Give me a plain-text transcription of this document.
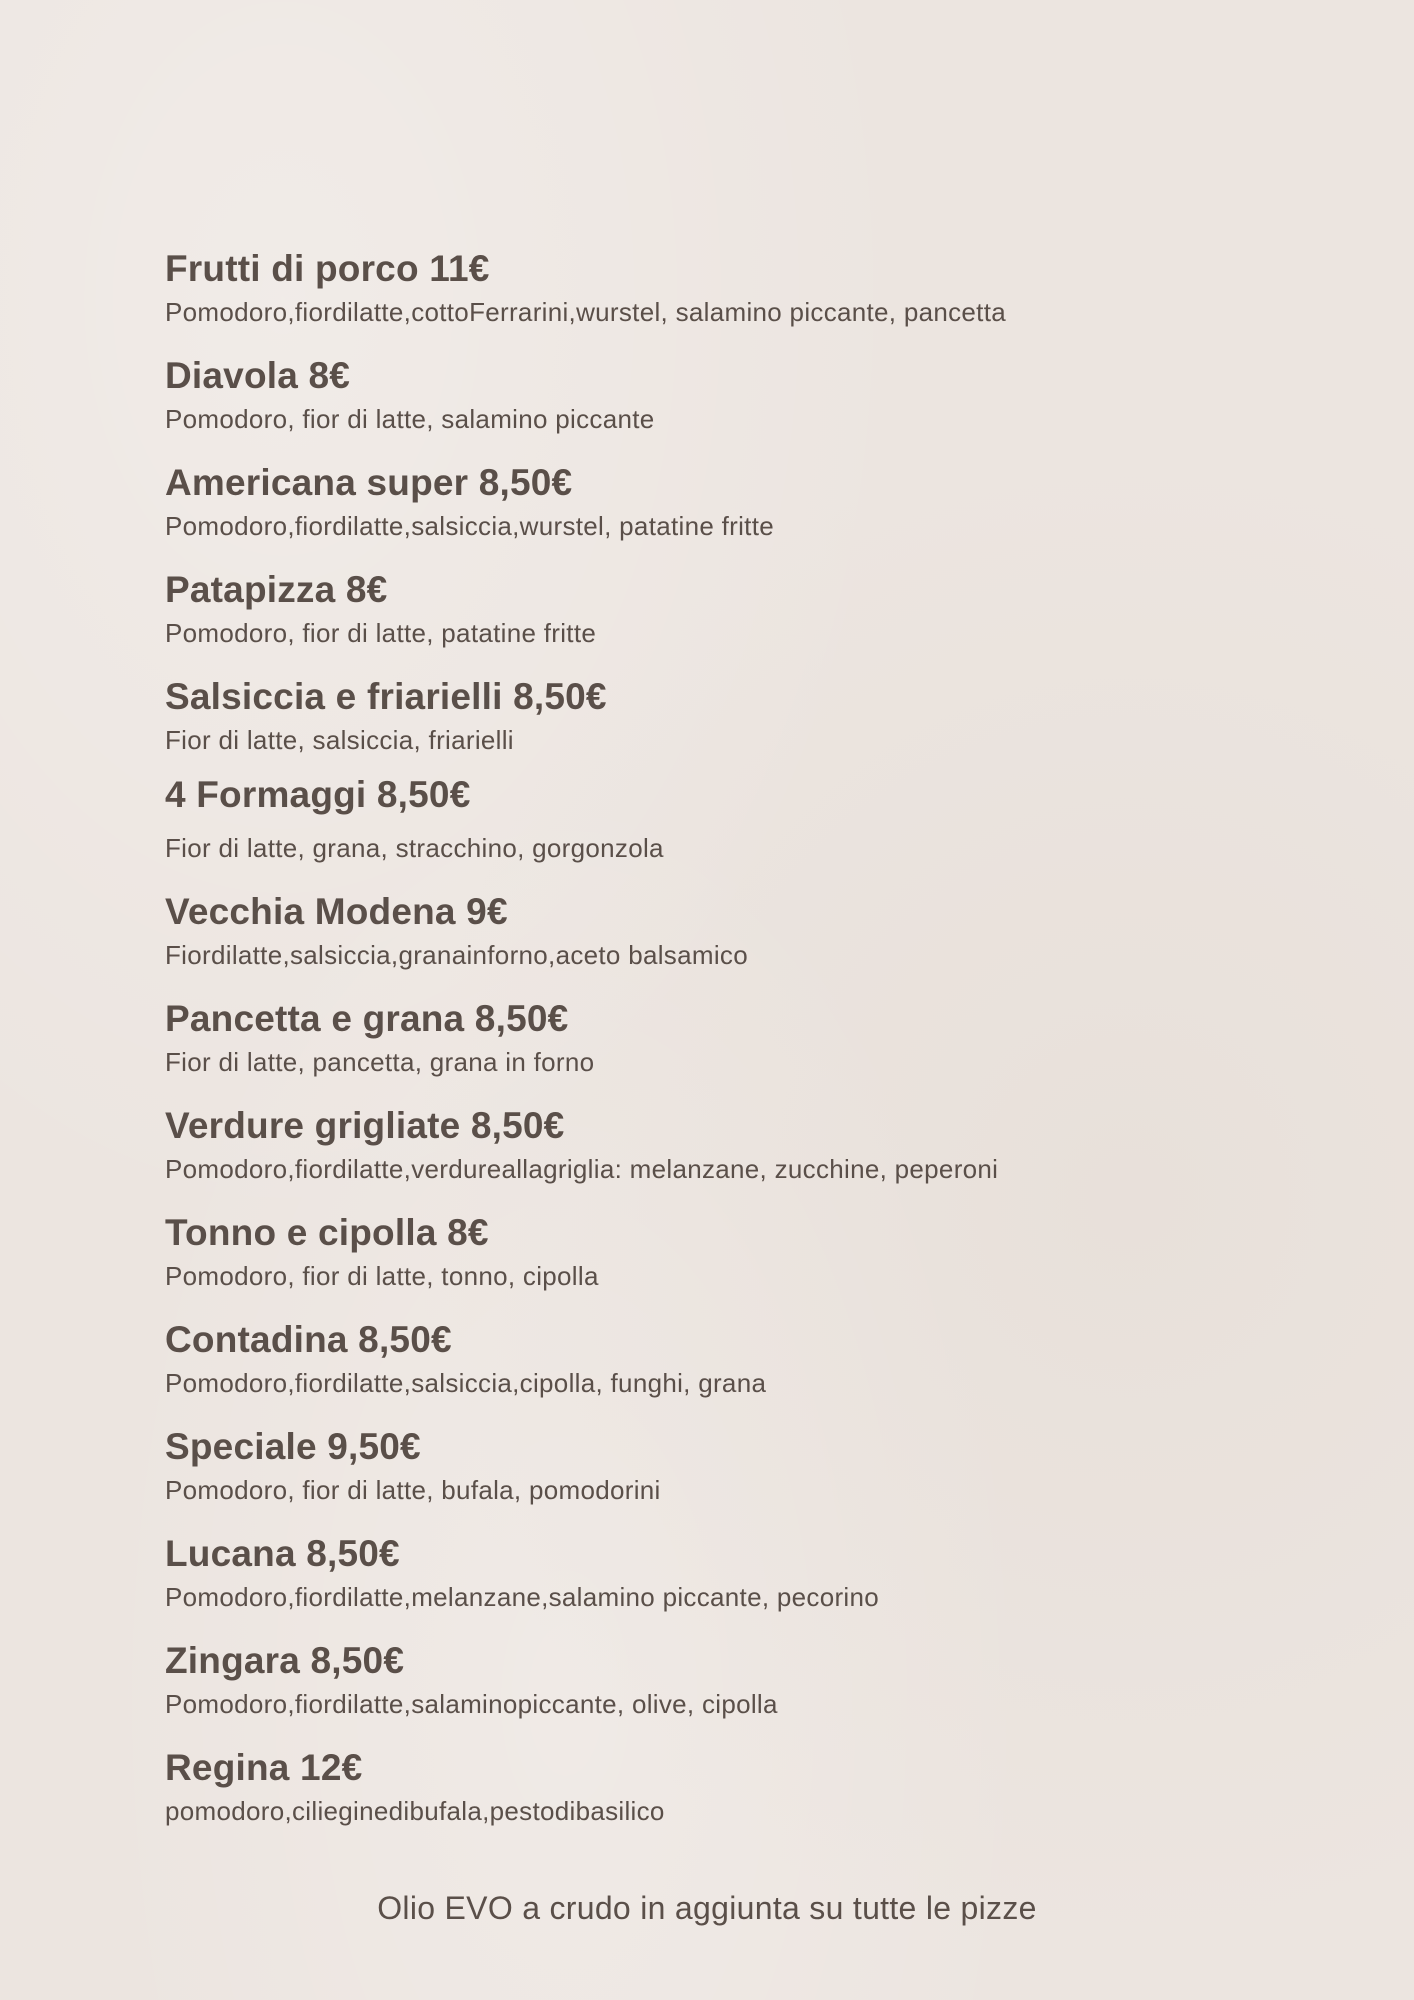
Frutti di porco 11€
Pomodoro,fiordilatte,cottoFerrarini,wurstel, salamino piccante, pancetta
Diavola 8€
Pomodoro, fior di latte, salamino piccante
Americana super 8,50€
Pomodoro,fiordilatte,salsiccia,wurstel, patatine fritte
Patapizza 8€
Pomodoro, fior di latte, patatine fritte
Salsiccia e friarielli 8,50€
Fior di latte, salsiccia, friarielli
4 Formaggi 8,50€
Fior di latte, grana, stracchino, gorgonzola
Vecchia Modena 9€
Fiordilatte,salsiccia,granainforno,aceto balsamico
Pancetta e grana 8,50€
Fior di latte, pancetta, grana in forno
Verdure grigliate 8,50€
Pomodoro,fiordilatte,verdureallagriglia: melanzane, zucchine, peperoni
Tonno e cipolla 8€
Pomodoro, fior di latte, tonno, cipolla
Contadina 8,50€
Pomodoro,fiordilatte,salsiccia,cipolla, funghi, grana
Speciale 9,50€
Pomodoro, fior di latte, bufala, pomodorini
Lucana 8,50€
Pomodoro,fiordilatte,melanzane,salamino piccante, pecorino
Zingara 8,50€
Pomodoro,fiordilatte,salaminopiccante, olive, cipolla
Regina 12€
pomodoro,cilieginedibufala,pestodibasilico
Olio EVO a crudo in aggiunta su tutte le pizze
